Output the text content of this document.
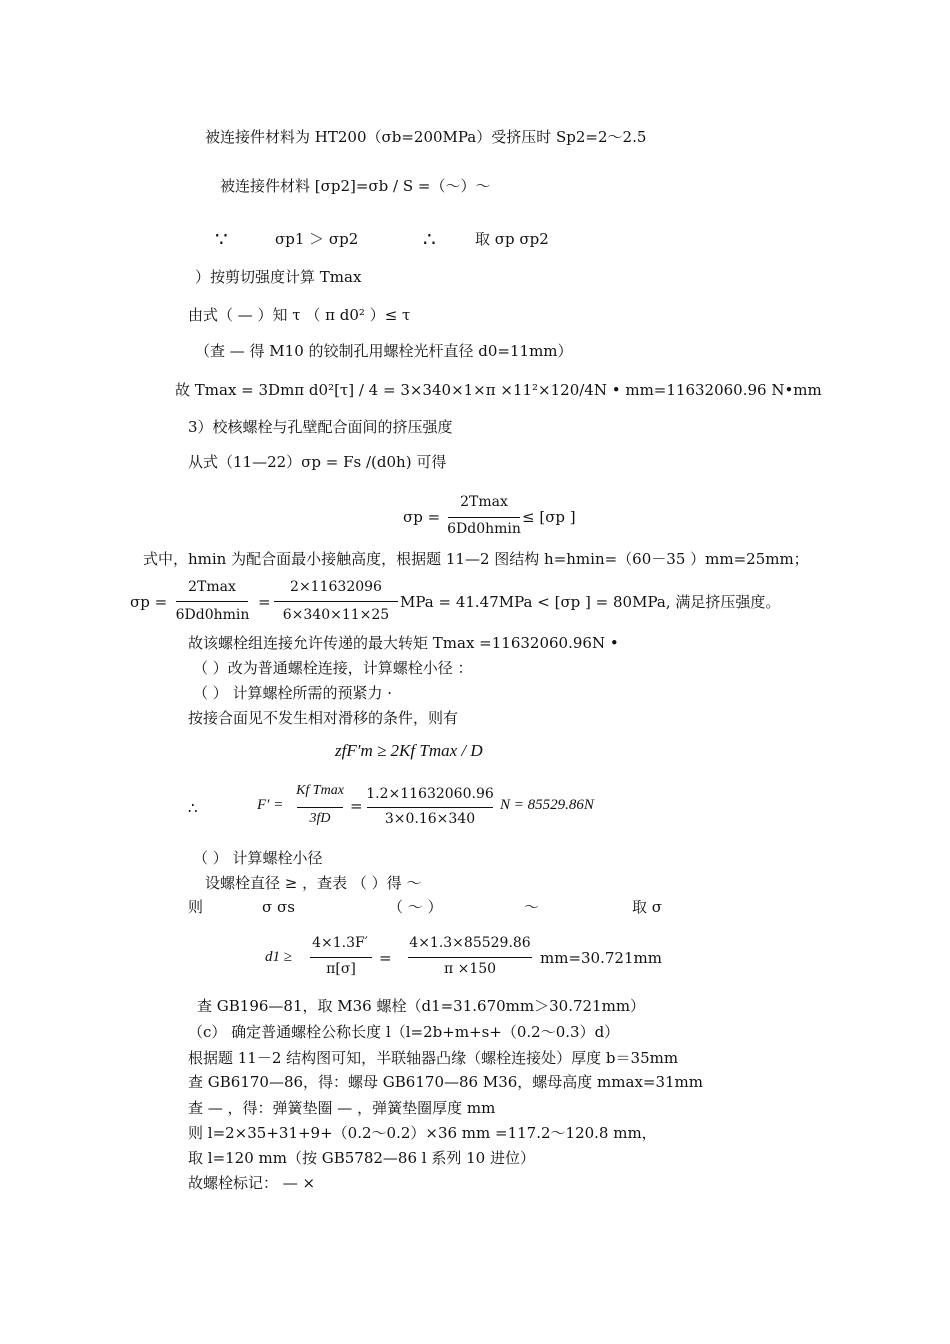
被连接件材料为 HT200（σb=200MPa）受挤压时 Sp2=2～2.5
被连接件材料 [σp2]=σb / S =（～）～
∵	σp1 ＞ σp2	∴	取 σp σp2
）按剪切强度计算 Tmax
由式（ — ）知 τ （ π d0² ）≤ τ
（查 — 得 M10 的铰制孔用螺栓光杆直径 d0=11mm）
故 Tmax = 3Dmπ d0²[τ] / 4 = 3×340×1×π ×11²×120/4N • mm=11632060.96 N•mm
3）校核螺栓与孔壁配合面间的挤压强度
从式（11—22）σp = Fs /(d0h) 可得
σp =
2Tmax
6Dd0hmin
≤ [σp ]
式中，hmin 为配合面最小接触高度，根据题 11—2 图结构 h=hmin=（60－35 ）mm=25mm；
σp =
2Tmax
6Dd0hmin
=
2×11632096
6×340×11×25
MPa = 41.47MPa < [σp ] = 80MPa, 满足挤压强度。
故该螺栓组连接允许传递的最大转矩 Tmax =11632060.96N •
（ ）改为普通螺栓连接，计算螺栓小径 ：
（ ） 计算螺栓所需的预紧力 ·
按接合面见不发生相对滑移的条件，则有
zfF′m ≥ 2Kf Tmax / D
∴	F′ =
Kf Tmax
3fD
=
1.2×11632060.96
3×0.16×340
N = 85529.86N
（ ） 计算螺栓小径
设螺栓直径 ≥ ，查表 （ ）得 ～
则	σ σs	（ ～ ）	～	取 σ
d1 ≥
4×1.3F′
π[σ]
=
4×1.3×85529.86
π ×150
mm=30.721mm
查 GB196—81，取 M36 螺栓（d1=31.670mm＞30.721mm）
（c） 确定普通螺栓公称长度 l（l=2b+m+s+（0.2～0.3）d）
根据题 11－2 结构图可知，半联轴器凸缘（螺栓连接处）厚度 b＝35mm
查 GB6170—86，得：螺母 GB6170—86 M36，螺母高度 mmax=31mm
查 — ，得：弹簧垫圈 — ，弹簧垫圈厚度 mm
则 l=2×35+31+9+（0.2～0.2）×36 mm =117.2～120.8 mm，
取 l=120 mm（按 GB5782—86 l 系列 10 进位）
故螺栓标记： — ×
